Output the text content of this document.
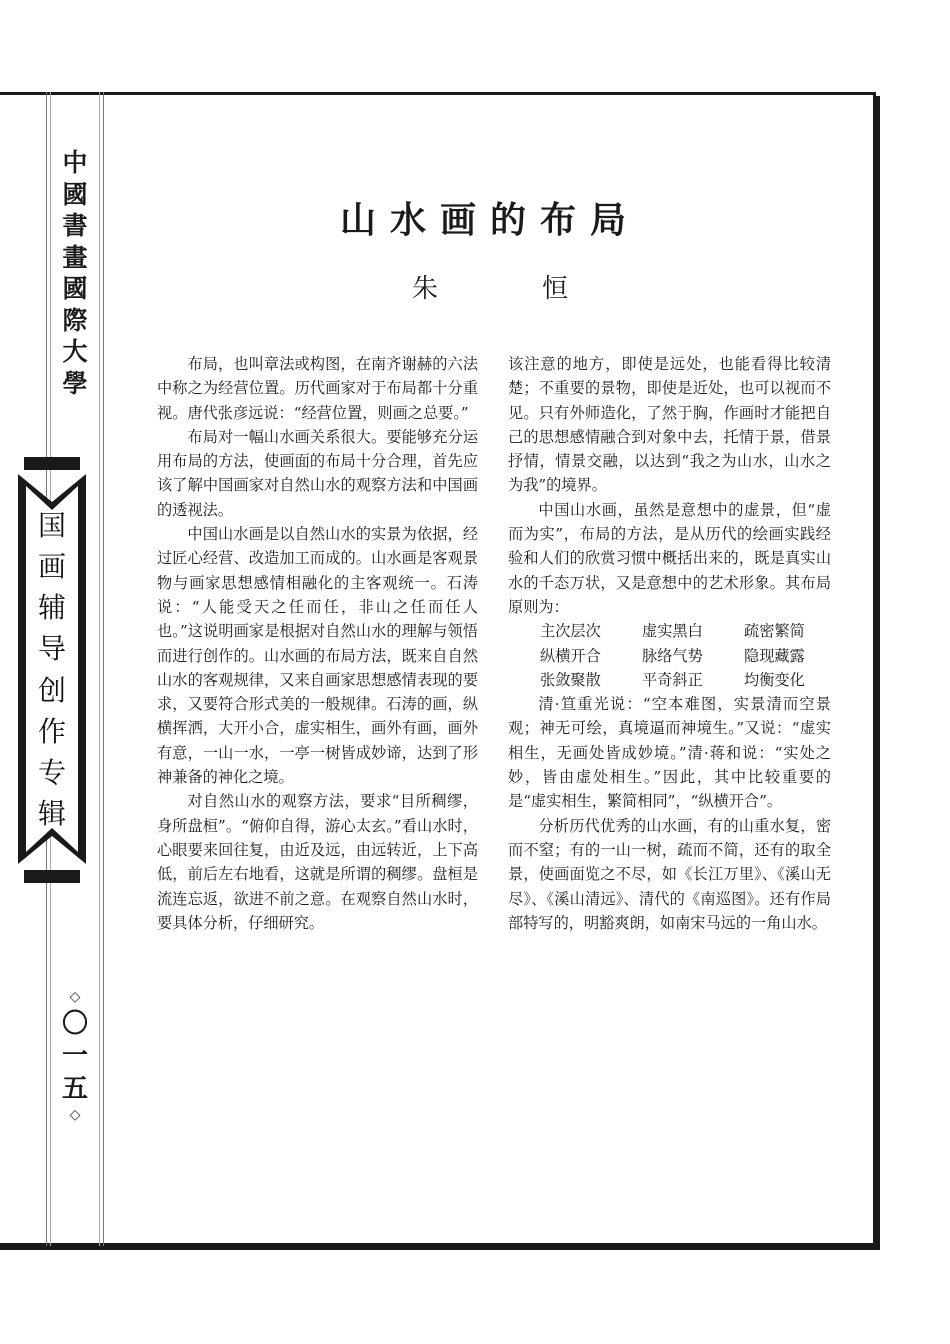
中
國
書
畫
國
際
大
學
国
画
辅
导
创
作
专
辑
◇
〇
一
五
◇
山水画的布局
朱	恒

布局，也叫章法或构图，在南齐谢赫的六法中称之为经营位置。历代画家对于布局都十分重视。唐代张彦远说：“经营位置，则画之总要。”

布局对一幅山水画关系很大。要能够充分运用布局的方法，使画面的布局十分合理，首先应该了解中国画家对自然山水的观察方法和中国画的透视法。

中国山水画是以自然山水的实景为依据，经过匠心经营、改造加工而成的。山水画是客观景物与画家思想感情相融化的主客观统一。石涛说：“人能受天之任而任，非山之任而任人也。”这说明画家是根据对自然山水的理解与领悟而进行创作的。山水画的布局方法，既来自自然山水的客观规律，又来自画家思想感情表现的要求，又要符合形式美的一般规律。石涛的画，纵横挥洒，大开小合，虚实相生，画外有画，画外有意，一山一水，一亭一树皆成妙谛，达到了形神兼备的神化之境。

对自然山水的观察方法，要求“目所稠缪，身所盘桓”。“俯仰自得，游心太玄。”看山水时，心眼要来回往复，由近及远，由远转近，上下高低，前后左右地看，这就是所谓的稠缪。盘桓是流连忘返，欲进不前之意。在观察自然山水时，要具体分析，仔细研究。

该注意的地方，即使是远处，也能看得比较清楚；不重要的景物，即使是近处，也可以视而不见。只有外师造化，了然于胸，作画时才能把自己的思想感情融合到对象中去，托情于景，借景抒情，情景交融，以达到“我之为山水，山水之为我”的境界。

中国山水画，虽然是意想中的虚景，但“虚而为实”，布局的方法，是从历代的绘画实践经验和人们的欣赏习惯中概括出来的，既是真实山水的千态万状，又是意想中的艺术形象。其布局原则为：

主次层次	虚实黑白	疏密繁简
纵横开合	脉络气势	隐现藏露
张敛聚散	平奇斜正	均衡变化

清·笪重光说：“空本难图，实景清而空景观；神无可绘，真境逼而神境生。”又说：“虚实相生，无画处皆成妙境。”清·蒋和说：“实处之妙，皆由虚处相生。”因此，其中比较重要的是“虚实相生，繁简相同”，“纵横开合”。

分析历代优秀的山水画，有的山重水复，密而不窒；有的一山一树，疏而不简，还有的取全景，使画面览之不尽，如《长江万里》、《溪山无尽》、《溪山清远》、清代的《南巡图》。还有作局部特写的，明豁爽朗，如南宋马远的一角山水。
